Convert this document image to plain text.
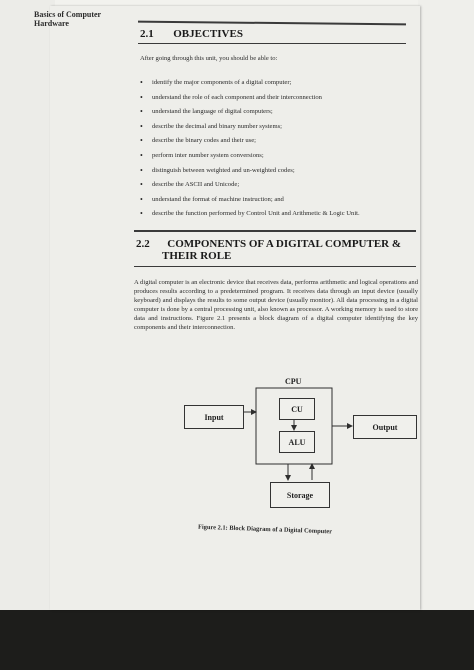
Basics of Computer
Hardware
2.1 OBJECTIVES
After going through this unit, you should be able to:
• identify the major components of a digital computer;
• understand the role of each component and their interconnection
• understand the language of digital computers;
• describe the decimal and binary number systems;
• describe the binary codes and their use;
• perform inter number system conversions;
• distinguish between weighted and un-weighted codes;
• describe the ASCII and Unicode;
• understand the format of machine instruction; and
• describe the function performed by Control Unit and Arithmetic & Logic Unit.
2.2 COMPONENTS OF A DIGITAL COMPUTER &
THEIR ROLE
A digital computer is an electronic device that receives data, performs arithmetic and logical operations and produces results according to a predetermined program. It receives data through an input device (usually keyboard) and displays the results to some output device (usually monitor). All data processing in a digital computer is done by a central processing unit, also known as processor. A working memory is used to store data and instructions. Figure 2.1 presents a block diagram of a digital computer identifying the key components and their interconnection.
CPU
CU
ALU
Input
Output
Storage
Figure 2.1: Block Diagram of a Digital Computer
